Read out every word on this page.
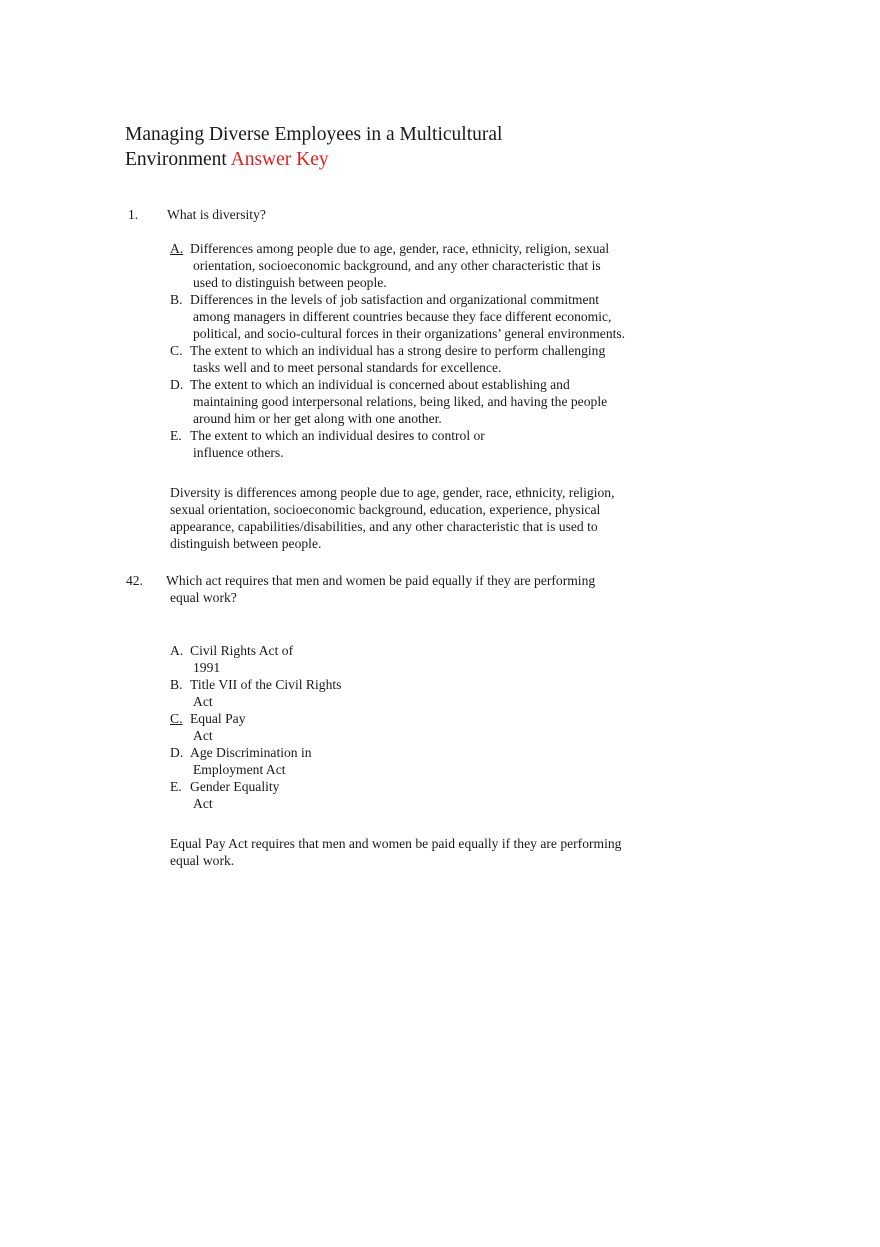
Managing Diverse Employees in a Multicultural
Environment Answer Key
1. What is diversity?
A. Differences among people due to age, gender, race, ethnicity, religion, sexual
orientation, socioeconomic background, and any other characteristic that is
used to distinguish between people.
B. Differences in the levels of job satisfaction and organizational commitment
among managers in different countries because they face different economic,
political, and socio-cultural forces in their organizations’ general environments.
C. The extent to which an individual has a strong desire to perform challenging
tasks well and to meet personal standards for excellence.
D. The extent to which an individual is concerned about establishing and
maintaining good interpersonal relations, being liked, and having the people
around him or her get along with one another.
E. The extent to which an individual desires to control or
influence others.
Diversity is differences among people due to age, gender, race, ethnicity, religion,
sexual orientation, socioeconomic background, education, experience, physical
appearance, capabilities/disabilities, and any other characteristic that is used to
distinguish between people.
42. Which act requires that men and women be paid equally if they are performing
equal work?
A. Civil Rights Act of
1991
B. Title VII of the Civil Rights
Act
C. Equal Pay
Act
D. Age Discrimination in
Employment Act
E. Gender Equality
Act
Equal Pay Act requires that men and women be paid equally if they are performing
equal work.
